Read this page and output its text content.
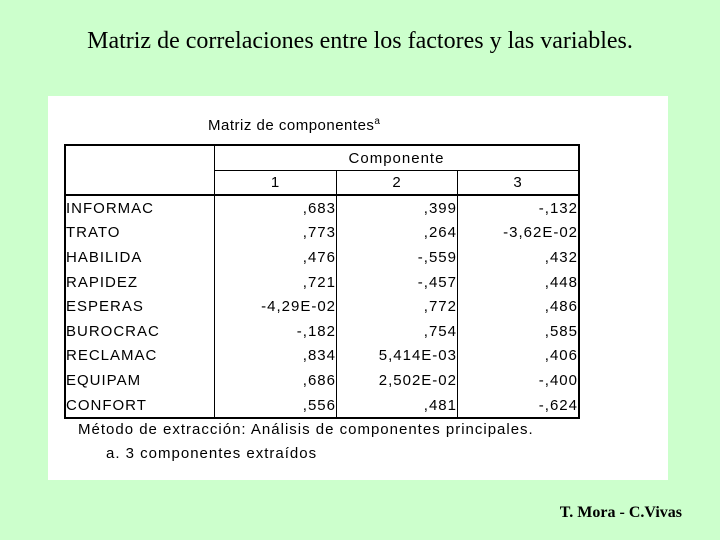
Matriz de correlaciones entre los factores y las variables.
Matriz de componentes$^a$
	Componente		
	1	2	3
INFORMAC	,683	,399	-,132
TRATO	,773	,264	-3,62E-02
HABILIDA	,476	-,559	,432
RAPIDEZ	,721	-,457	,448
ESPERAS	-4,29E-02	,772	,486
BUROCRAC	-,182	,754	,585
RECLAMAC	,834	5,414E-03	,406
EQUIPAM	,686	2,502E-02	-,400
CONFORT	,556	,481	-,624
Método de extracción: Análisis de componentes principales.
a. 3 componentes extraídos
T. Mora - C.Vivas
